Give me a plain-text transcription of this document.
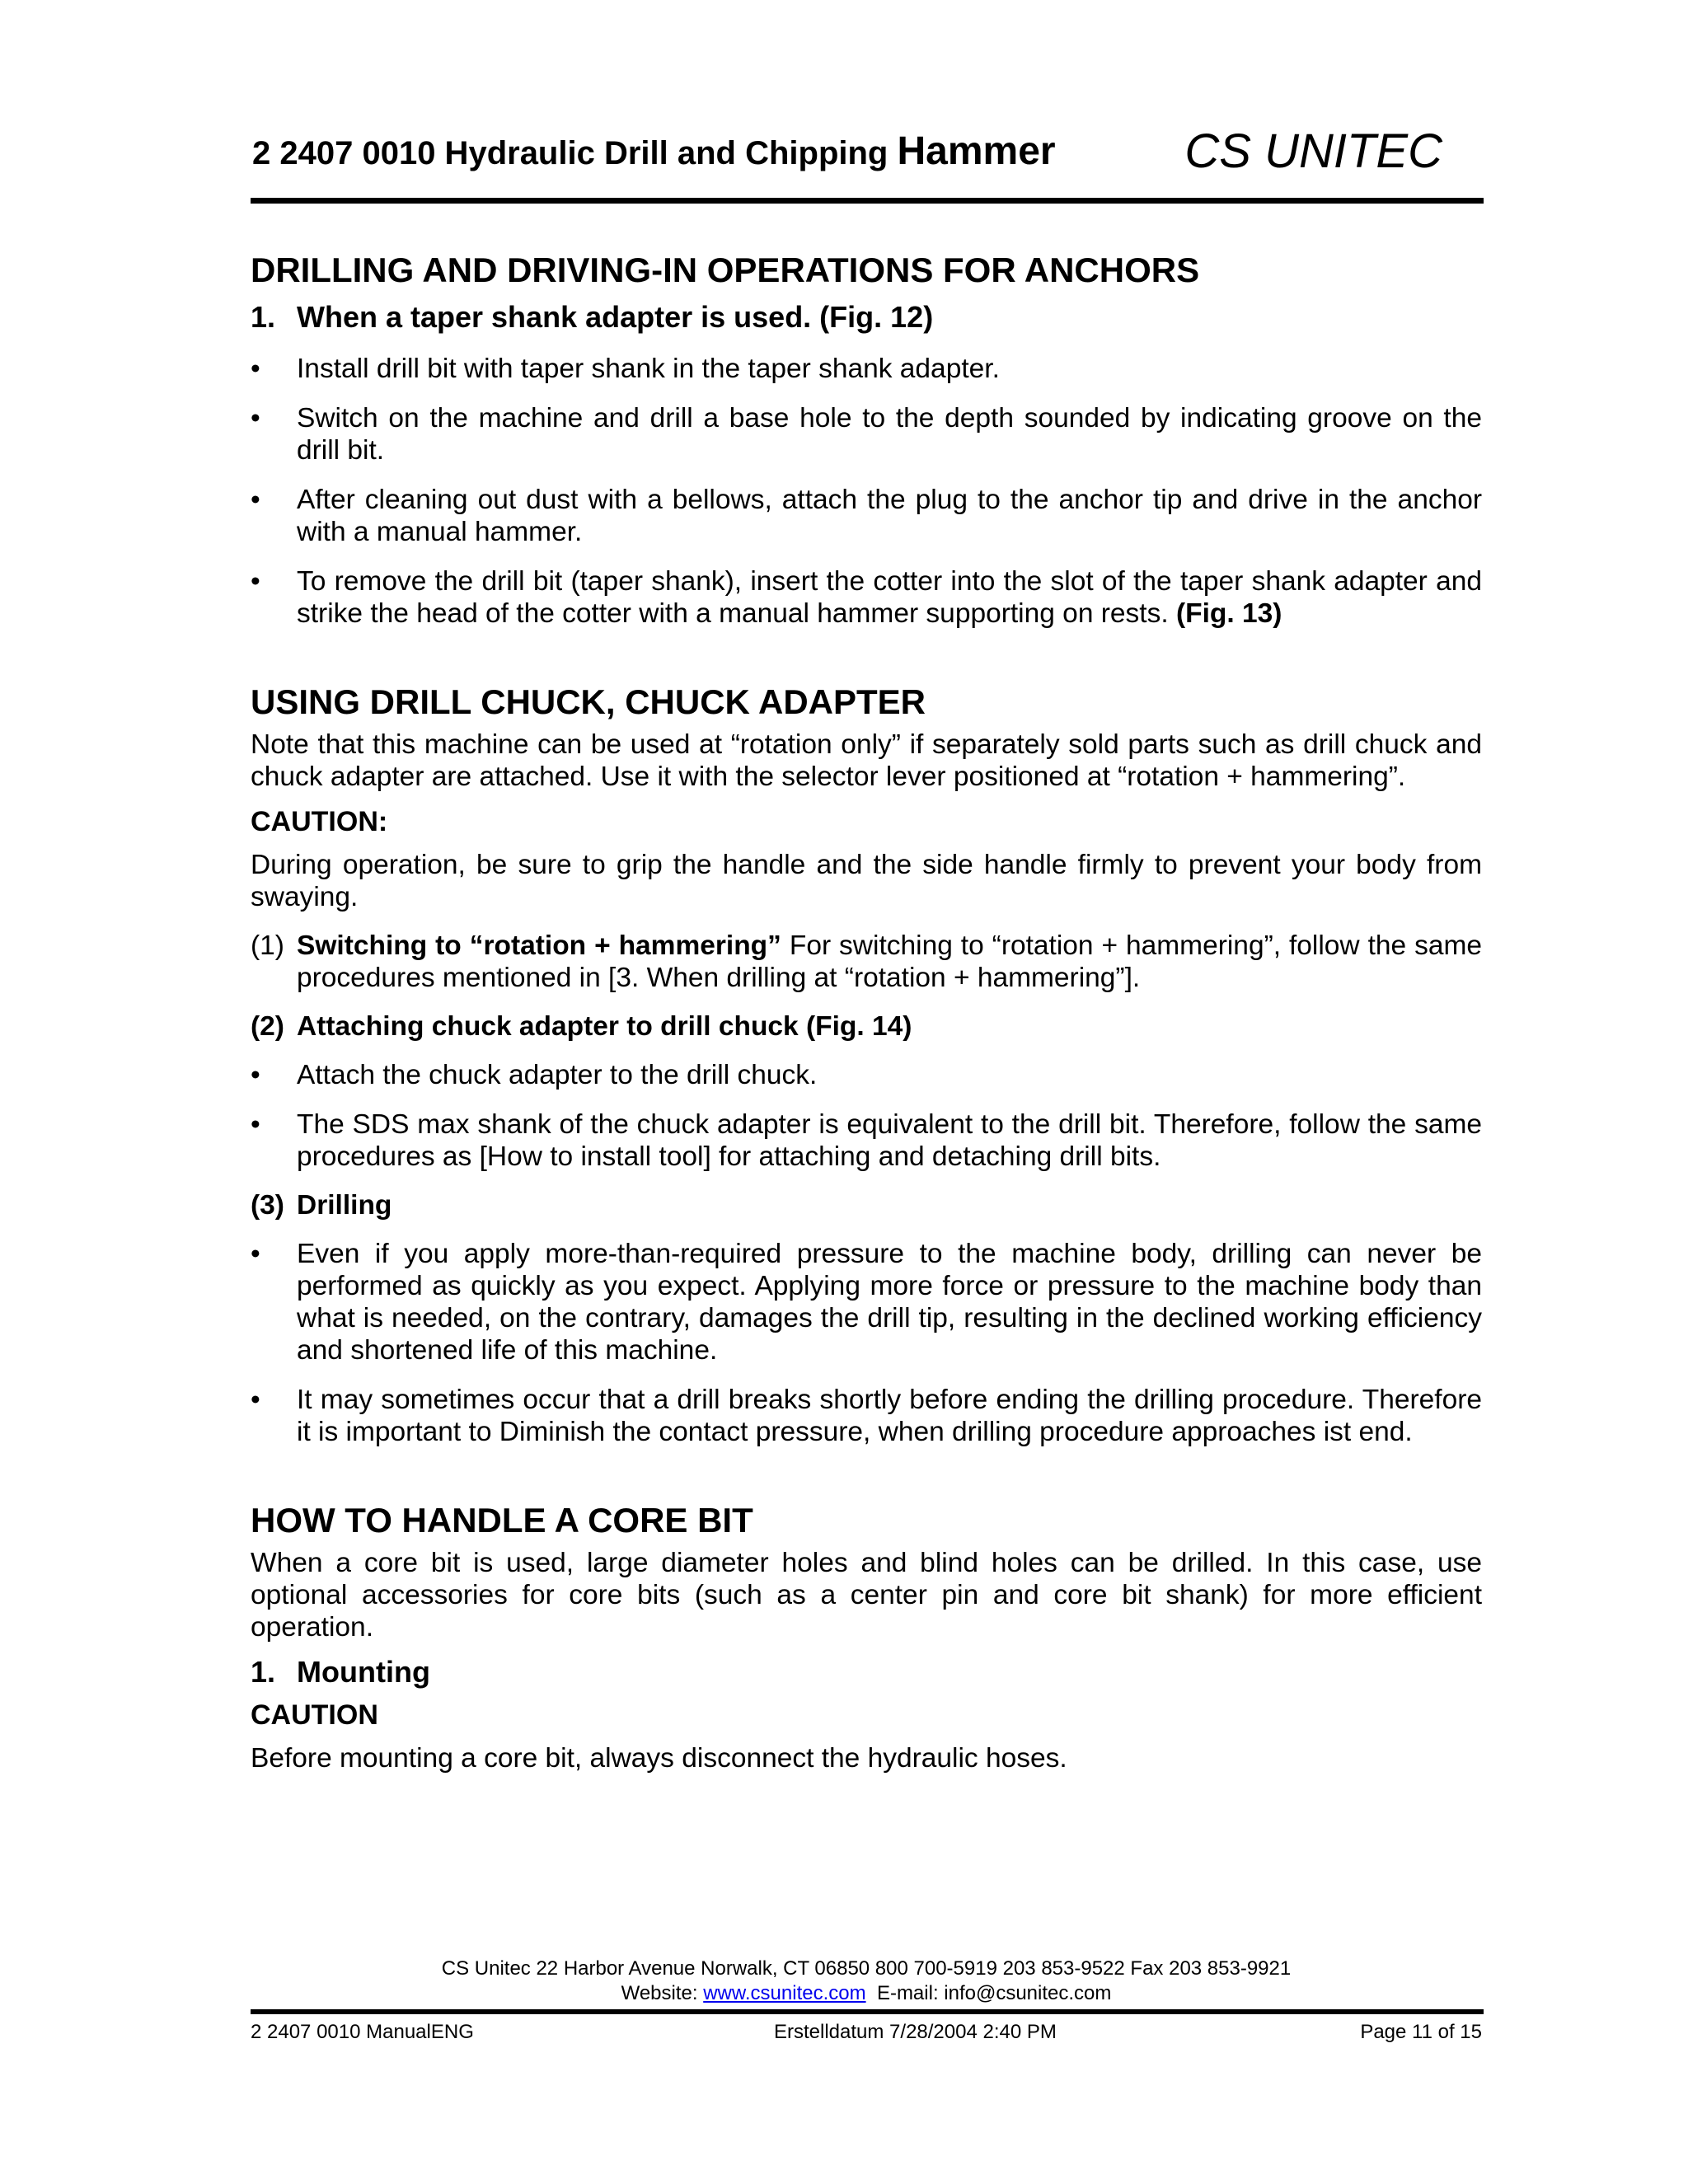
2 2407 0010 Hydraulic Drill and Chipping Hammer	CS UNITEC
DRILLING AND DRIVING-IN OPERATIONS FOR ANCHORS
1. When a taper shank adapter is used. (Fig. 12)
•	Install drill bit with taper shank in the taper shank adapter.
•	Switch on the machine and drill a base hole to the depth sounded by indicating groove on the drill bit.
•	After cleaning out dust with a bellows, attach the plug to the anchor tip and drive in the anchor with a manual hammer.
•	To remove the drill bit (taper shank), insert the cotter into the slot of the taper shank adapter and strike the head of the cotter with a manual hammer supporting on rests. (Fig. 13)
USING DRILL CHUCK, CHUCK ADAPTER

Note that this machine can be used at “rotation only” if separately sold parts such as drill chuck and chuck adapter are attached. Use it with the selector lever positioned at “rotation + hammering”.

CAUTION:

During operation, be sure to grip the handle and the side handle firmly to prevent your body from swaying.

(1) Switching to “rotation + hammering” For switching to “rotation + hammering”, follow the same procedures mentioned in [3. When drilling at “rotation + hammering”].
(2) Attaching chuck adapter to drill chuck (Fig. 14)
•	Attach the chuck adapter to the drill chuck.
•	The SDS max shank of the chuck adapter is equivalent to the drill bit. Therefore, follow the same procedures as [How to install tool] for attaching and detaching drill bits.
(3) Drilling
•	Even if you apply more-than-required pressure to the machine body, drilling can never be performed as quickly as you expect. Applying more force or pressure to the machine body than what is needed, on the contrary, damages the drill tip, resulting in the declined working efficiency and shortened life of this machine.
•	It may sometimes occur that a drill breaks shortly before ending the drilling procedure. Therefore it is important to Diminish the contact pressure, when drilling procedure approaches ist end.
HOW TO HANDLE A CORE BIT

When a core bit is used, large diameter holes and blind holes can be drilled. In this case, use optional accessories for core bits (such as a center pin and core bit shank) for more efficient operation.

1. Mounting
CAUTION

Before mounting a core bit, always disconnect the hydraulic hoses.

CS Unitec 22 Harbor Avenue Norwalk, CT 06850 800 700-5919 203 853-9522 Fax 203 853-9921
Website: www.csunitec.com E-mail: info@csunitec.com
2 2407 0010 ManualENG	Erstelldatum 7/28/2004 2:40 PM	Page 11 of 15
